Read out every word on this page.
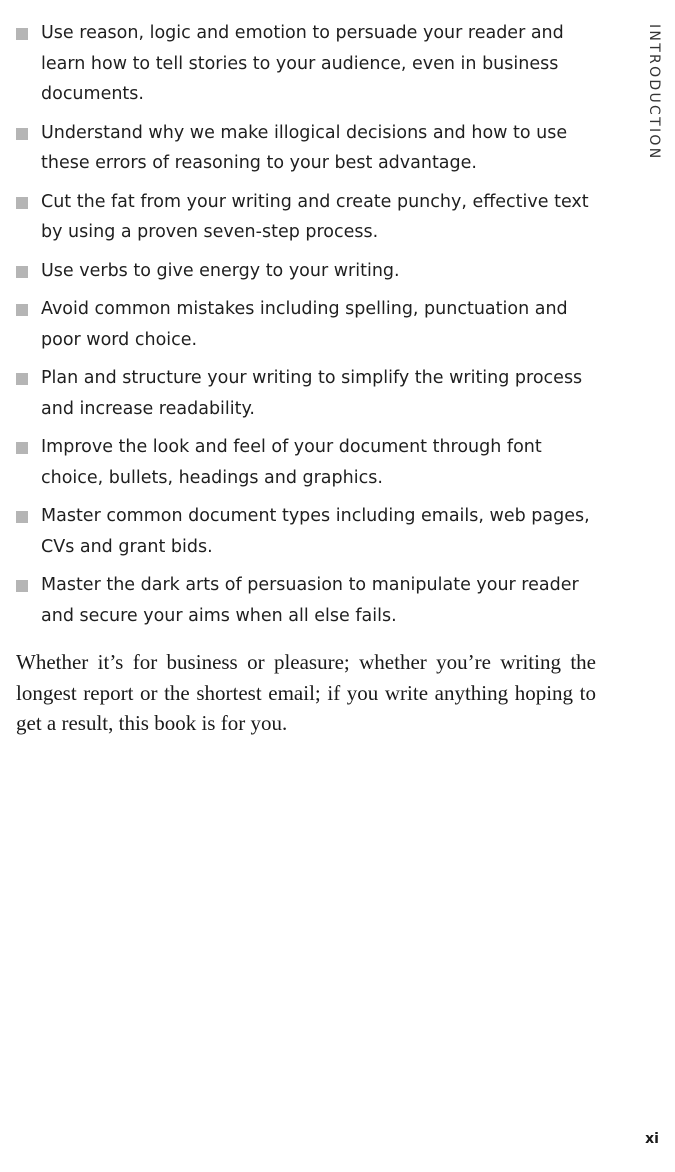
Use reason, logic and emotion to persuade your reader and learn how to tell stories to your audience, even in business documents.
Understand why we make illogical decisions and how to use these errors of reasoning to your best advantage.
Cut the fat from your writing and create punchy, effective text by using a proven seven-step process.
Use verbs to give energy to your writing.
Avoid common mistakes including spelling, punctuation and poor word choice.
Plan and structure your writing to simplify the writing process and increase readability.
Improve the look and feel of your document through font choice, bullets, headings and graphics.
Master common document types including emails, web pages, CVs and grant bids.
Master the dark arts of persuasion to manipulate your reader and secure your aims when all else fails.

Whether it’s for business or pleasure; whether you’re writing the longest report or the shortest email; if you write anything hoping to get a result, this book is for you.

INTRODUCTION
xi
